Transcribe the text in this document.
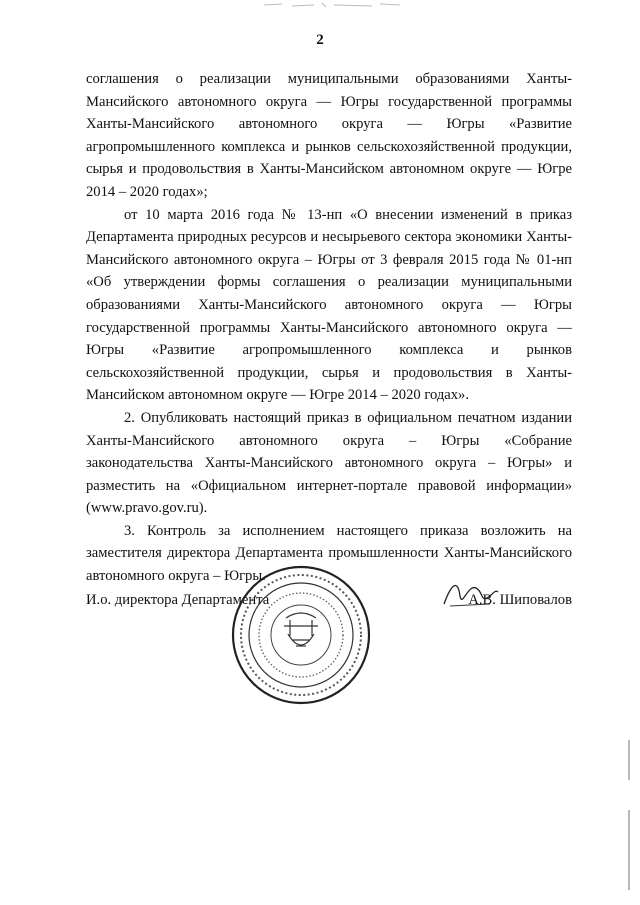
2

соглашения о реализации муниципальными образованиями Ханты-Мансийского автономного округа — Югры государственной программы Ханты-Мансийского автономного округа — Югры «Развитие агропромышленного комплекса и рынков сельскохозяйственной продукции, сырья и продовольствия в Ханты-Мансийском автономном округе — Югре 2014 – 2020 годах»;

от 10 марта 2016 года № 13-нп «О внесении изменений в приказ Департамента природных ресурсов и несырьевого сектора экономики Ханты-Мансийского автономного округа – Югры от 3 февраля 2015 года № 01-нп «Об утверждении формы соглашения о реализации муниципальными образованиями Ханты-Мансийского автономного округа — Югры государственной программы Ханты-Мансийского автономного округа — Югры «Развитие агропромышленного комплекса и рынков сельскохозяйственной продукции, сырья и продовольствия в Ханты-Мансийском автономном округе — Югре 2014 – 2020 годах».

2. Опубликовать настоящий приказ в официальном печатном издании Ханты-Мансийского автономного округа – Югры «Собрание законодательства Ханты-Мансийского автономного округа – Югры» и разместить на «Официальном интернет-портале правовой информации» (www.pravo.gov.ru).

3. Контроль за исполнением настоящего приказа возложить на заместителя директора Департамента промышленности Ханты-Мансийского автономного округа – Югры.

И.о. директора Департамента	А.В. Шиповалов
